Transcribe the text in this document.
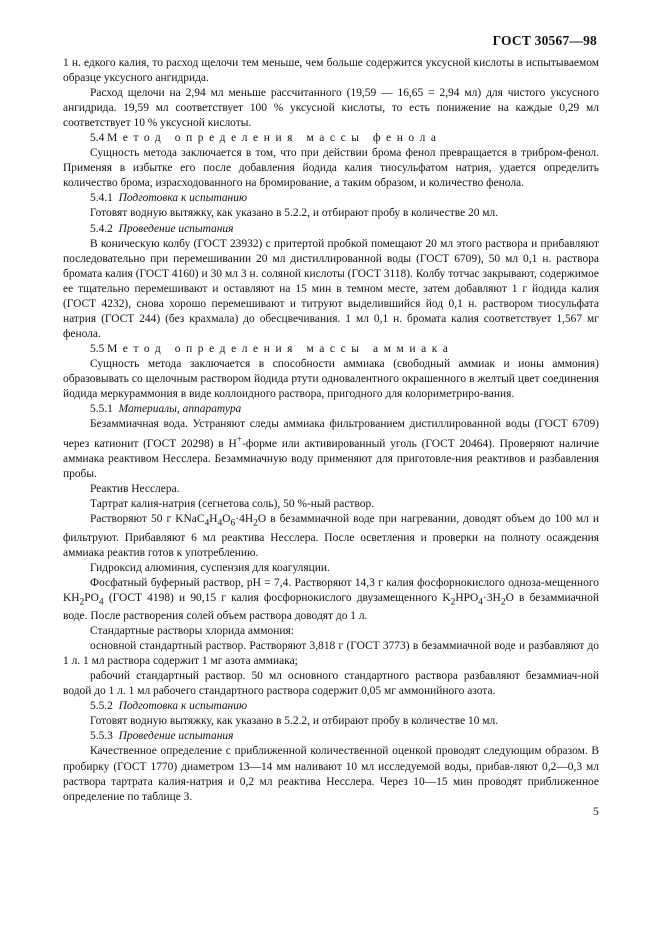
ГОСТ 30567—98

1 н. едкого калия, то расход щелочи тем меньше, чем больше содержится уксусной кислоты в испытываемом образце уксусного ангидрида.

Расход щелочи на 2,94 мл меньше рассчитанного (19,59 — 16,65 = 2,94 мл) для чистого уксусного ангидрида. 19,59 мл соответствует 100 % уксусной кислоты, то есть понижение на каждые 0,29 мл соответствует 10 % уксусной кислоты.

5.4 Метод определения массы фенола

Сущность метода заключается в том, что при действии брома фенол превращается в трибром-фенол. Применяя в избытке его после добавления йодида калия тиосульфатом натрия, удается определить количество брома, израсходованного на бромирование, а таким образом, и количество фенола.

5.4.1 Подготовка к испытанию

Готовят водную вытяжку, как указано в 5.2.2, и отбирают пробу в количестве 20 мл.

5.4.2 Проведение испытания

В коническую колбу (ГОСТ 23932) с притертой пробкой помещают 20 мл этого раствора и прибавляют последовательно при перемешивании 20 мл дистиллированной воды (ГОСТ 6709), 50 мл 0,1 н. раствора бромата калия (ГОСТ 4160) и 30 мл 3 н. соляной кислоты (ГОСТ 3118). Колбу тотчас закрывают, содержимое ее тщательно перемешивают и оставляют на 15 мин в темном месте, затем добавляют 1 г йодида калия (ГОСТ 4232), снова хорошо перемешивают и титруют выделившийся йод 0,1 н. раствором тиосульфата натрия (ГОСТ 244) (без крахмала) до обесцвечивания. 1 мл 0,1 н. бромата калия соответствует 1,567 мг фенола.

5.5 Метод определения массы аммиака

Сущность метода заключается в способности аммиака (свободный аммиак и ионы аммония) образовывать со щелочным раствором йодида ртути одновалентного окрашенного в желтый цвет соединения йодида меркураммония в виде коллоидного раствора, пригодного для колориметриро-вания.

5.5.1 Материалы, аппаратура

Безаммиачная вода. Устраняют следы аммиака фильтрованием дистиллированной воды (ГОСТ 6709) через катионит (ГОСТ 20298) в H+-форме или активированный уголь (ГОСТ 20464). Проверяют наличие аммиака реактивом Несслера. Безаммиачную воду применяют для приготовле-ния реактивов и разбавления пробы.

Реактив Несслера.

Тартрат калия-натрия (сегнетова соль), 50 %-ный раствор.

Растворяют 50 г $KNaC_4H_4O_6\cdot 4H_2O$ в безаммиачной воде при нагревании, доводят объем до 100 мл и фильтруют. Прибавляют 6 мл реактива Несслера. После осветления и проверки на полноту осаждения аммиака реактив готов к употреблению.

Гидроксид алюминия, суспензия для коагуляции.

Фосфатный буферный раствор, pH = 7,4. Растворяют 14,3 г калия фосфорнокислого одноза-мещенного $KH_2PO_4$ (ГОСТ 4198) и 90,15 г калия фосфорнокислого двузамещенного $K_2HPO_4\cdot 3H_2O$ в безаммиачной воде. После растворения солей объем раствора доводят до 1 л.

Стандартные растворы хлорида аммония:

основной стандартный раствор. Растворяют 3,818 г (ГОСТ 3773) в безаммиачной воде и разбавляют до 1 л. 1 мл раствора содержит 1 мг азота аммиака;

рабочий стандартный раствор. 50 мл основного стандартного раствора разбавляют безаммиач-ной водой до 1 л. 1 мл рабочего стандартного раствора содержит 0,05 мг аммонийного азота.

5.5.2 Подготовка к испытанию

Готовят водную вытяжку, как указано в 5.2.2, и отбирают пробу в количестве 10 мл.

5.5.3 Проведение испытания

Качественное определение с приближенной количественной оценкой проводят следующим образом. В пробирку (ГОСТ 1770) диаметром 13—14 мм наливают 10 мл исследуемой воды, прибав-ляют 0,2—0,3 мл раствора тартрата калия-натрия и 0,2 мл реактива Несслера. Через 10—15 мин проводят приближенное определение по таблице 3.

5
